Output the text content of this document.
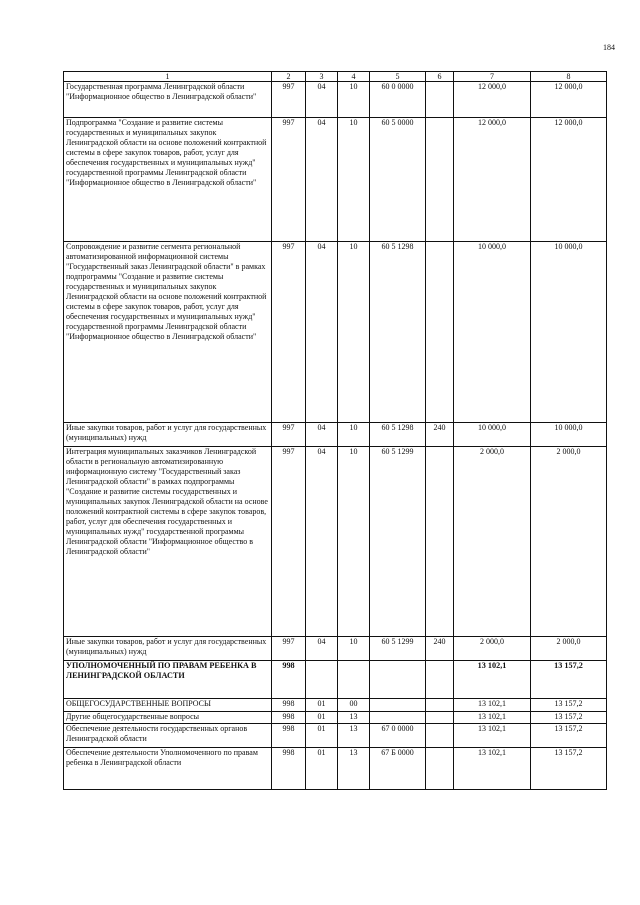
184
1	2	3	4	5	6	7	8
Государственная программа Ленинградской области "Информационное общество в Ленинградской области"	997	04	10	60 0 0000		12 000,0	12 000,0
Подпрограмма "Создание и развитие системы государственных и муниципальных закупок Ленинградской области на основе положений контрактной системы в сфере закупок товаров, работ, услуг для обеспечения государственных и муниципальных нужд" государственной программы Ленинградской области "Информационное общество в Ленинградской области"	997	04	10	60 5 0000		12 000,0	12 000,0
Сопровождение и развитие сегмента региональной автоматизированной информационной системы "Государственный заказ Ленинградской области" в рамках подпрограммы "Создание и развитие системы государственных и муниципальных закупок Ленинградской области на основе положений контрактной системы в сфере закупок товаров, работ, услуг для обеспечения государственных и муниципальных нужд" государственной программы Ленинградской области "Информационное общество в Ленинградской области"	997	04	10	60 5 1298		10 000,0	10 000,0
Иные закупки товаров, работ и услуг для государственных (муниципальных) нужд	997	04	10	60 5 1298	240	10 000,0	10 000,0
Интеграция муниципальных заказчиков Ленинградской области в региональную автоматизированную информационную систему "Государственный заказ Ленинградской области" в рамках подпрограммы "Создание и развитие системы государственных и муниципальных закупок Ленинградской области на основе положений контрактной системы в сфере закупок товаров, работ, услуг для обеспечения государственных и муниципальных нужд" государственной программы Ленинградской области "Информационное общество в Ленинградской области"	997	04	10	60 5 1299		2 000,0	2 000,0
Иные закупки товаров, работ и услуг для государственных (муниципальных) нужд	997	04	10	60 5 1299	240	2 000,0	2 000,0
УПОЛНОМОЧЕННЫЙ ПО ПРАВАМ РЕБЕНКА В ЛЕНИНГРАДСКОЙ ОБЛАСТИ	998					13 102,1	13 157,2
ОБЩЕГОСУДАРСТВЕННЫЕ ВОПРОСЫ	998	01	00			13 102,1	13 157,2
Другие общегосударственные вопросы	998	01	13			13 102,1	13 157,2
Обеспечение деятельности государственных органов Ленинградской области	998	01	13	67 0 0000		13 102,1	13 157,2
Обеспечение деятельности Уполномоченного по правам ребенка в Ленинградской области	998	01	13	67 Б 0000		13 102,1	13 157,2
